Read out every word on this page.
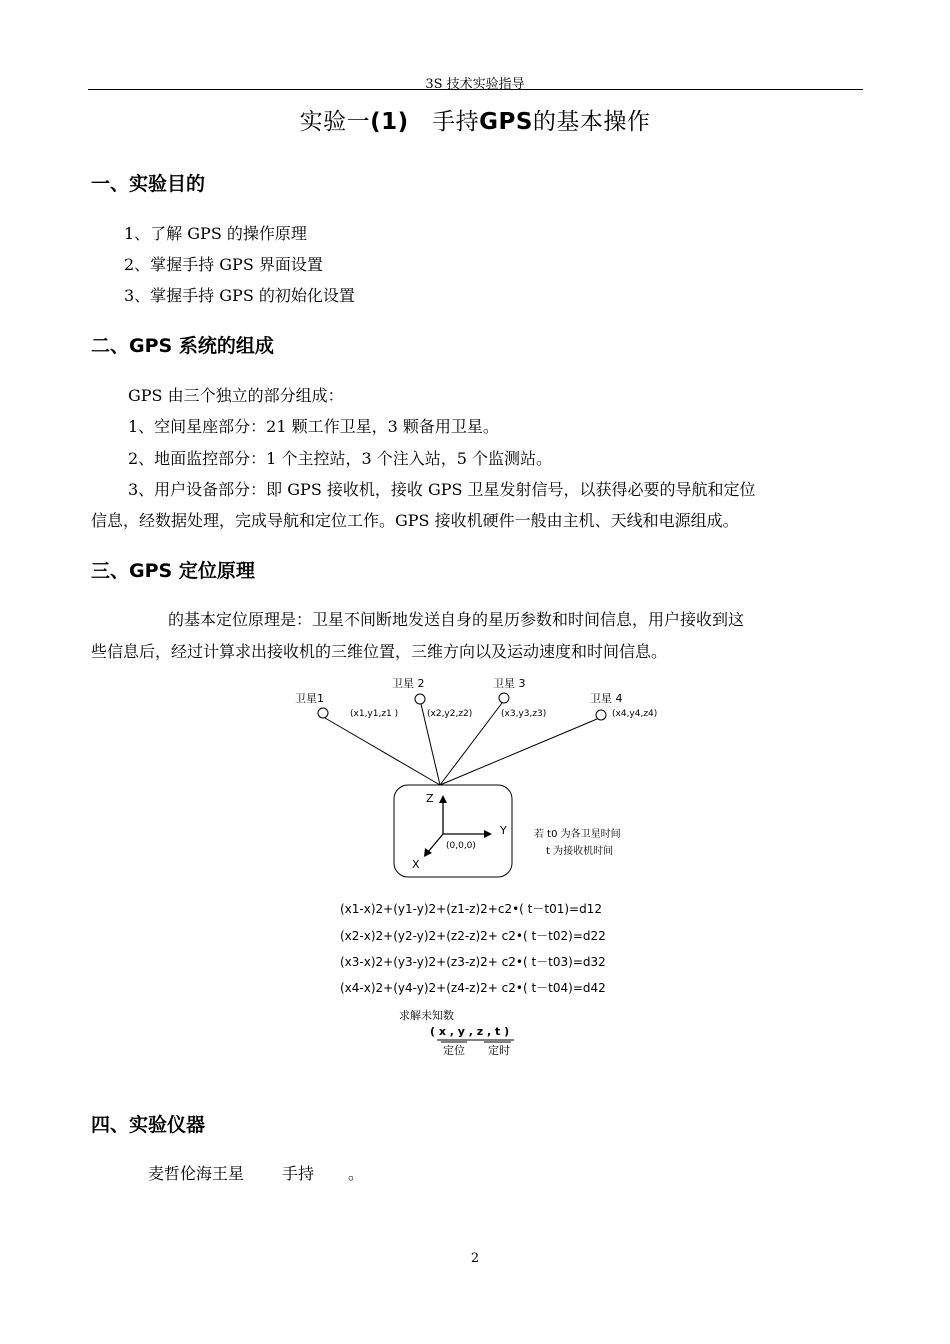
3S 技术实验指导
实验一(1) 手持GPS的基本操作
一、实验目的
1、了解 GPS 的操作原理
2、掌握手持 GPS 界面设置
3、掌握手持 GPS 的初始化设置
二、GPS 系统的组成
GPS 由三个独立的部分组成：
1、空间星座部分：21 颗工作卫星，3 颗备用卫星。
2、地面监控部分：1 个主控站，3 个注入站，5 个监测站。
3、用户设备部分：即 GPS 接收机，接收 GPS 卫星发射信号，以获得必要的导航和定位
信息，经数据处理，完成导航和定位工作。GPS 接收机硬件一般由主机、天线和电源组成。
三、GPS 定位原理
的基本定位原理是：卫星不间断地发送自身的星历参数和时间信息，用户接收到这
些信息后，经过计算求出接收机的三维位置，三维方向以及运动速度和时间信息。
卫星1
卫星 2	卫星 3
卫星 4
(x1,y1,z1 )	(x2,y2,z2)	(x3,y3,z3)	(x4,y4,z4)
Z
Y
X
(0,0,0)
若 t0 为各卫星时间
t 为接收机时间
(x1-x)2+(y1-y)2+(z1-z)2+c2•( t－t01)=d12
(x2-x)2+(y2-y)2+(z2-z)2+ c2•( t－t02)=d22
(x3-x)2+(y3-y)2+(z3-z)2+ c2•( t－t03)=d32
(x4-x)2+(y4-y)2+(z4-z)2+ c2•( t－t04)=d42
求解未知数
( x , y , z , t )
定位 定时
四、实验仪器
麦哲伦海王星 手持 。
2
